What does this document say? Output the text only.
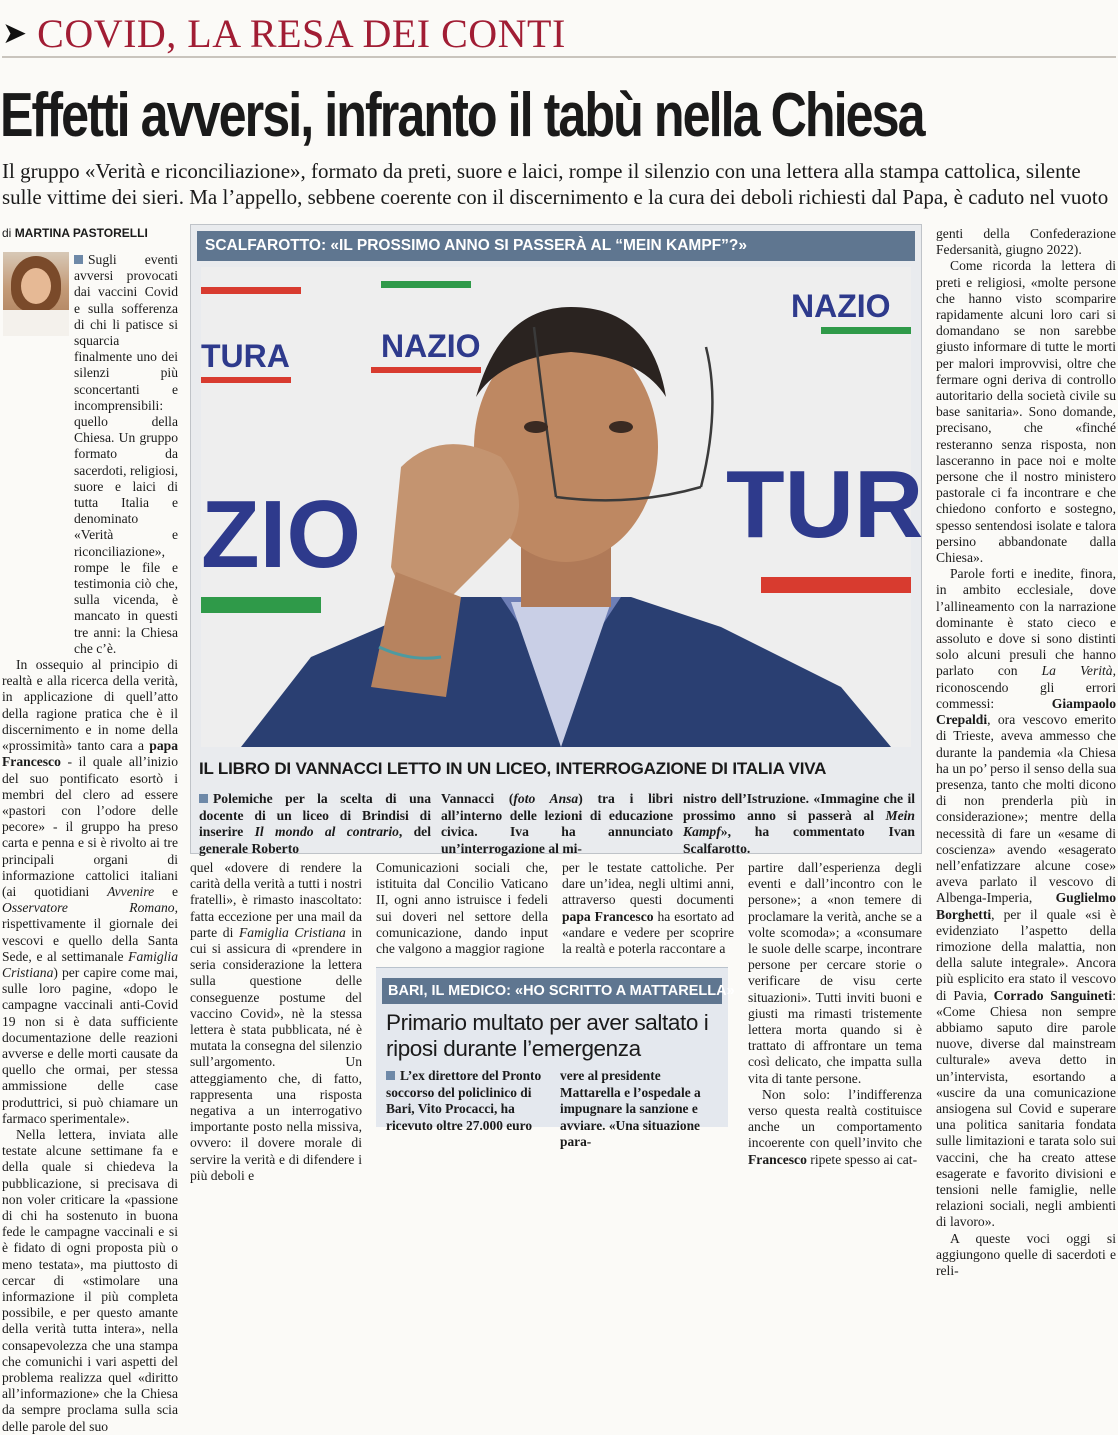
➤ COVID, LA RESA DEI CONTI
Effetti avversi, infranto il tabù nella Chiesa
Il gruppo «Verità e riconciliazione», formato da preti, suore e laici, rompe il silenzio con una lettera alla stampa cattolica, silente sulle vittime dei sieri. Ma l’appello, sebbene coerente con il discernimento e la cura dei deboli richiesti dal Papa, è caduto nel vuoto
di MARTINA PASTORELLI

Sugli eventi avversi provocati dai vaccini Covid e sulla sofferenza di chi li patisce si squarcia finalmente uno dei silenzi più sconcertanti e incomprensibili: quello della Chiesa. Un gruppo formato da sacerdoti, religiosi, suore e laici di tutta Italia e denominato «Verità e riconciliazione», rompe le file e testimonia ciò che, sulla vicenda, è mancato in questi tre anni: la Chiesa che c’è.

In ossequio al principio di realtà e alla ricerca della verità, in applicazione di quell’atto della ragione pratica che è il discernimento e in nome della «prossimità» tanto cara a papa Francesco - il quale all’inizio del suo pontificato esortò i membri del clero ad essere «pastori con l’odore delle pecore» - il gruppo ha preso carta e penna e si è rivolto ai tre principali organi di informazione cattolici italiani (ai quotidiani Avvenire e Osservatore Romano, rispettivamente il giornale dei vescovi e quello della Santa Sede, e al settimanale Famiglia Cristiana) per capire come mai, sulle loro pagine, «dopo le campagne vaccinali anti-Covid 19 non si è data sufficiente documentazione delle reazioni avverse e delle morti causate da quello che ormai, per stessa ammissione delle case produttrici, si può chiamare un farmaco sperimentale».

Nella lettera, inviata alle testate alcune settimane fa e della quale si chiedeva la pubblicazione, si precisava di non voler criticare la «passione di chi ha sostenuto in buona fede le campagne vaccinali e si è fidato di ogni proposta più o meno testata», ma piuttosto di cercar di «stimolare una informazione il più completa possibile, e per questo amante della verità tutta intera», nella consapevolezza che una stampa che comunichi i vari aspetti del problema realizza quel «diritto all’informazione» che la Chiesa da sempre proclama sulla scia delle parole del suo

SCALFAROTTO: «IL PROSSIMO ANNO SI PASSERÀ AL “MEIN KAMPF”?»
TURA	NAZIO
NAZIO
ZIO	TUR
IL LIBRO DI VANNACCI LETTO IN UN LICEO, INTERROGAZIONE DI ITALIA VIVA
Polemiche per la scelta di una docente di un liceo di Brindisi di inserire Il mondo al contrario, del generale Roberto
Vannacci (foto Ansa) tra i libri all’interno delle lezioni di educazione civica. Iva ha annunciato un’interrogazione al mi-
nistro dell’Istruzione. «Immagine che il prossimo anno si passerà al Mein Kampf», ha commentato Ivan Scalfarotto.

quel «dovere di rendere la carità della verità a tutti i nostri fratelli», è rimasto inascoltato: fatta eccezione per una mail da parte di Famiglia Cristiana in cui si assicura di «prendere in seria considerazione la lettera sulla questione delle conseguenze postume del vaccino Covid», nè la stessa lettera è stata pubblicata, né è mutata la consegna del silenzio sull’argomento. Un atteggiamento che, di fatto, rappresenta una risposta negativa a un interrogativo importante posto nella missiva, ovvero: il dovere morale di servire la verità e di difendere i più deboli e

Comunicazioni sociali che, istituita dal Concilio Vaticano II, ogni anno istruisce i fedeli sui doveri nel settore della comunicazione, dando input che valgono a maggior ragione

per le testate cattoliche. Per dare un’idea, negli ultimi anni, attraverso questi documenti papa Francesco ha esortato ad «andare e vedere per scoprire la realtà e poterla raccontare a

BARI, IL MEDICO: «HO SCRITTO A MATTARELLA»
Primario multato per aver saltato i riposi durante l’emergenza
L’ex direttore del Pronto soccorso del policlinico di Bari, Vito Procacci, ha ricevuto oltre 27.000 euro
vere al presidente Mattarella e l’ospedale a impugnare la sanzione e avviare. «Una situazione para-

partire dall’esperienza degli eventi e dall’incontro con le persone»; a «non temere di proclamare la verità, anche se a volte scomoda»; a «consumare le suole delle scarpe, incontrare persone per cercare storie o verificare de visu certe situazioni». Tutti inviti buoni e giusti ma rimasti tristemente lettera morta quando si è trattato di affrontare un tema così delicato, che impatta sulla vita di tante persone.

Non solo: l’indifferenza verso questa realtà costituisce anche un comportamento incoerente con quell’invito che Francesco ripete spesso ai cat-

genti della Confederazione Federsanità, giugno 2022).

Come ricorda la lettera di preti e religiosi, «molte persone che hanno visto scomparire rapidamente alcuni loro cari si domandano se non sarebbe giusto informare di tutte le morti per malori improvvisi, oltre che fermare ogni deriva di controllo autoritario della società civile su base sanitaria». Sono domande, precisano, che «finché resteranno senza risposta, non lasceranno in pace noi e molte persone che il nostro ministero pastorale ci fa incontrare e che chiedono conforto e sostegno, spesso sentendosi isolate e talora persino abbandonate dalla Chiesa».

Parole forti e inedite, finora, in ambito ecclesiale, dove l’allineamento con la narrazione dominante è stato cieco e assoluto e dove si sono distinti solo alcuni presuli che hanno parlato con La Verità, riconoscendo gli errori commessi: Giampaolo Crepaldi, ora vescovo emerito di Trieste, aveva ammesso che durante la pandemia «la Chiesa ha un po’ perso il senso della sua presenza, tanto che molti dicono di non prenderla più in considerazione»; mentre della necessità di fare un «esame di coscienza» avendo «esagerato nell’enfatizzare alcune cose» aveva parlato il vescovo di Albenga-Imperia, Guglielmo Borghetti, per il quale «si è evidenziato l’aspetto della rimozione della malattia, non della salute integrale». Ancora più esplicito era stato il vescovo di Pavia, Corrado Sanguineti: «Come Chiesa non sempre abbiamo saputo dire parole nuove, diverse dal mainstream culturale» aveva detto in un’intervista, esortando a «uscire da una comunicazione ansiogena sul Covid e superare una politica sanitaria fondata sulle limitazioni e tarata solo sui vaccini, che ha creato attese esagerate e favorito divisioni e tensioni nelle famiglie, nelle relazioni sociali, negli ambienti di lavoro».

A queste voci oggi si aggiungono quelle di sacerdoti e reli-
